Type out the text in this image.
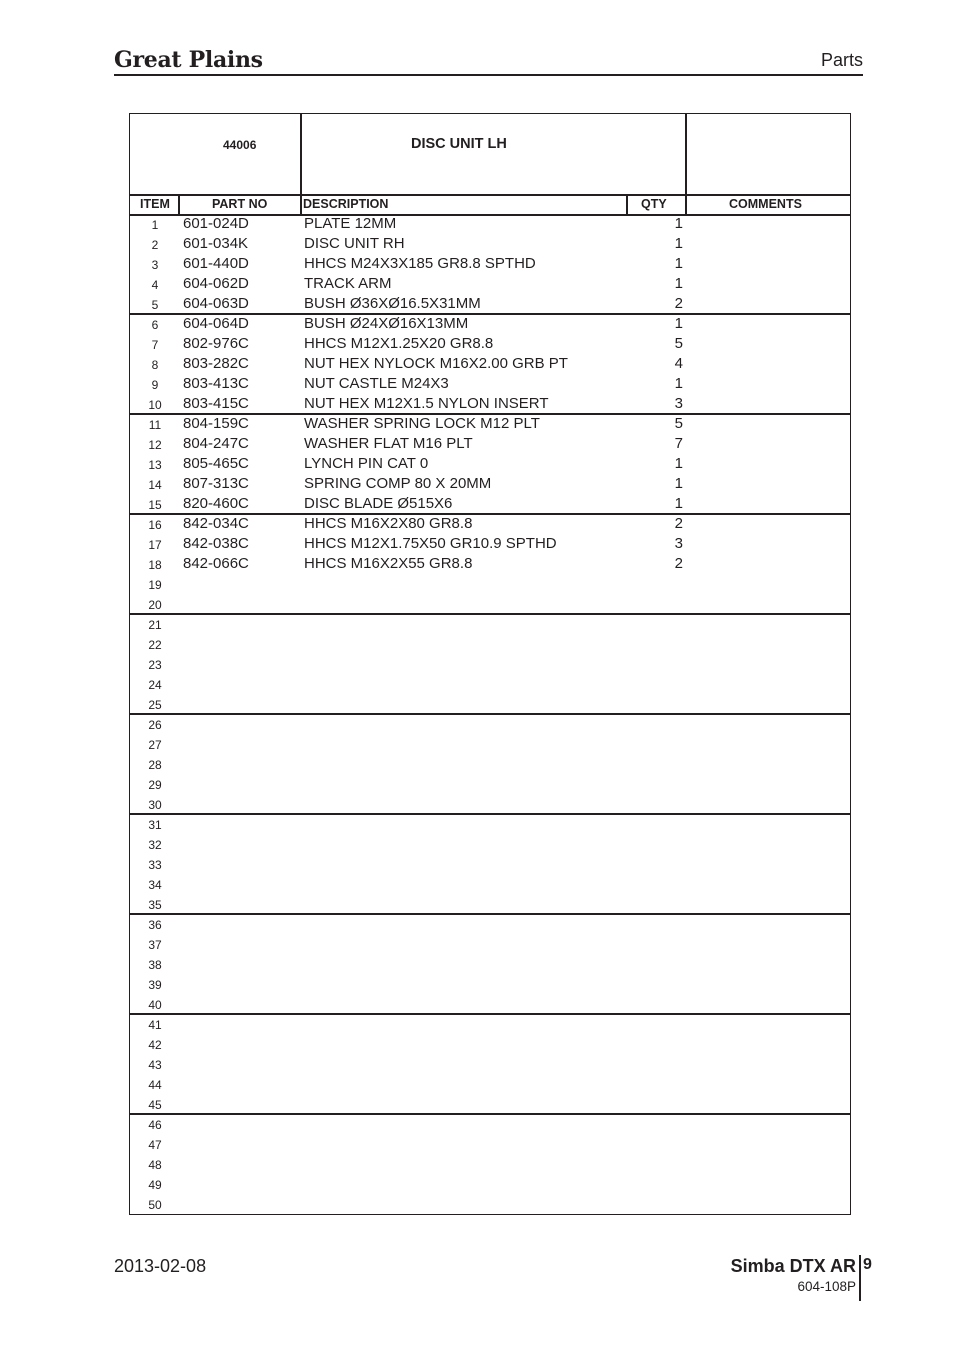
Great Plains	Parts
44006	DISC UNIT LH
ITEM	PART NO	DESCRIPTION	QTY	COMMENTS
1	601-024D	PLATE 12MM	1
2	601-034K	DISC UNIT RH	1
3	601-440D	HHCS M24X3X185 GR8.8 SPTHD	1
4	604-062D	TRACK ARM	1
5	604-063D	BUSH Ø36XØ16.5X31MM	2
6	604-064D	BUSH Ø24XØ16X13MM	1
7	802-976C	HHCS M12X1.25X20 GR8.8	5
8	803-282C	NUT HEX NYLOCK M16X2.00 GRB PT	4
9	803-413C	NUT CASTLE M24X3	1
10	803-415C	NUT HEX M12X1.5 NYLON INSERT	3
11	804-159C	WASHER SPRING LOCK M12 PLT	5
12	804-247C	WASHER FLAT M16 PLT	7
13	805-465C	LYNCH PIN CAT 0	1
14	807-313C	SPRING COMP 80 X 20MM	1
15	820-460C	DISC BLADE Ø515X6	1
16	842-034C	HHCS M16X2X80 GR8.8	2
17	842-038C	HHCS M12X1.75X50 GR10.9 SPTHD	3
18	842-066C	HHCS M16X2X55 GR8.8	2
19
20
21
22
23
24
25
26
27
28
29
30
31
32
33
34
35
36
37
38
39
40
41
42
43
44
45
46
47
48
49
50
2013-02-08	Simba DTX AR 9
604-108P
